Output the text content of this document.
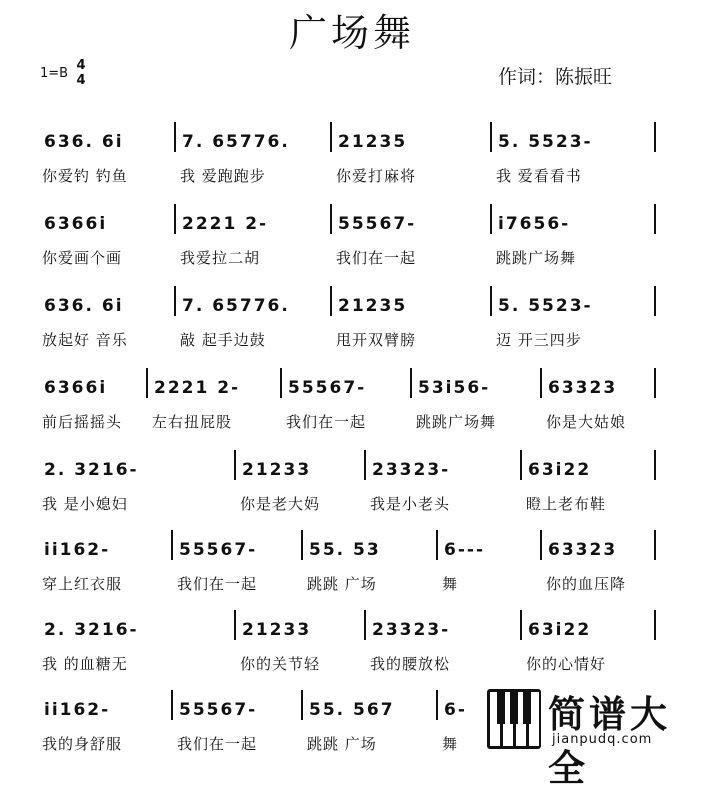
广场舞
1=B
4
4	作词：陈振旺
636. 6i
你爱钓 钓鱼
7. 65776.
我 爱跑跑步
21235
你爱打麻将
5. 5523-
我 爱看看书
6366i
你爱画个画
2221 2-
我爱拉二胡
55567-
我们在一起
i7656-
跳跳广场舞
636. 6i
放起好 音乐
7. 65776.
敲 起手边鼓
21235
甩开双臂膀
5. 5523-
迈 开三四步
6366i
前后摇摇头
2221 2-
左右扭屁股
55567-
我们在一起
53i56-
跳跳广场舞
63323
你是大姑娘
2. 3216-
我 是小媳妇
21233
你是老大妈
23323-
我是小老头
63i22
瞪上老布鞋
ii162-
穿上红衣服
55567-
我们在一起
55. 53
跳跳 广场
6---
舞
63323
你的血压降
2. 3216-
我 的血糖无
21233
你的关节轻
23323-
我的腰放松
63i22
你的心情好
ii162-
我的身舒服
55567-
我们在一起
55. 567
跳跳 广场
6-
舞
简谱大全
jianpudq.com
